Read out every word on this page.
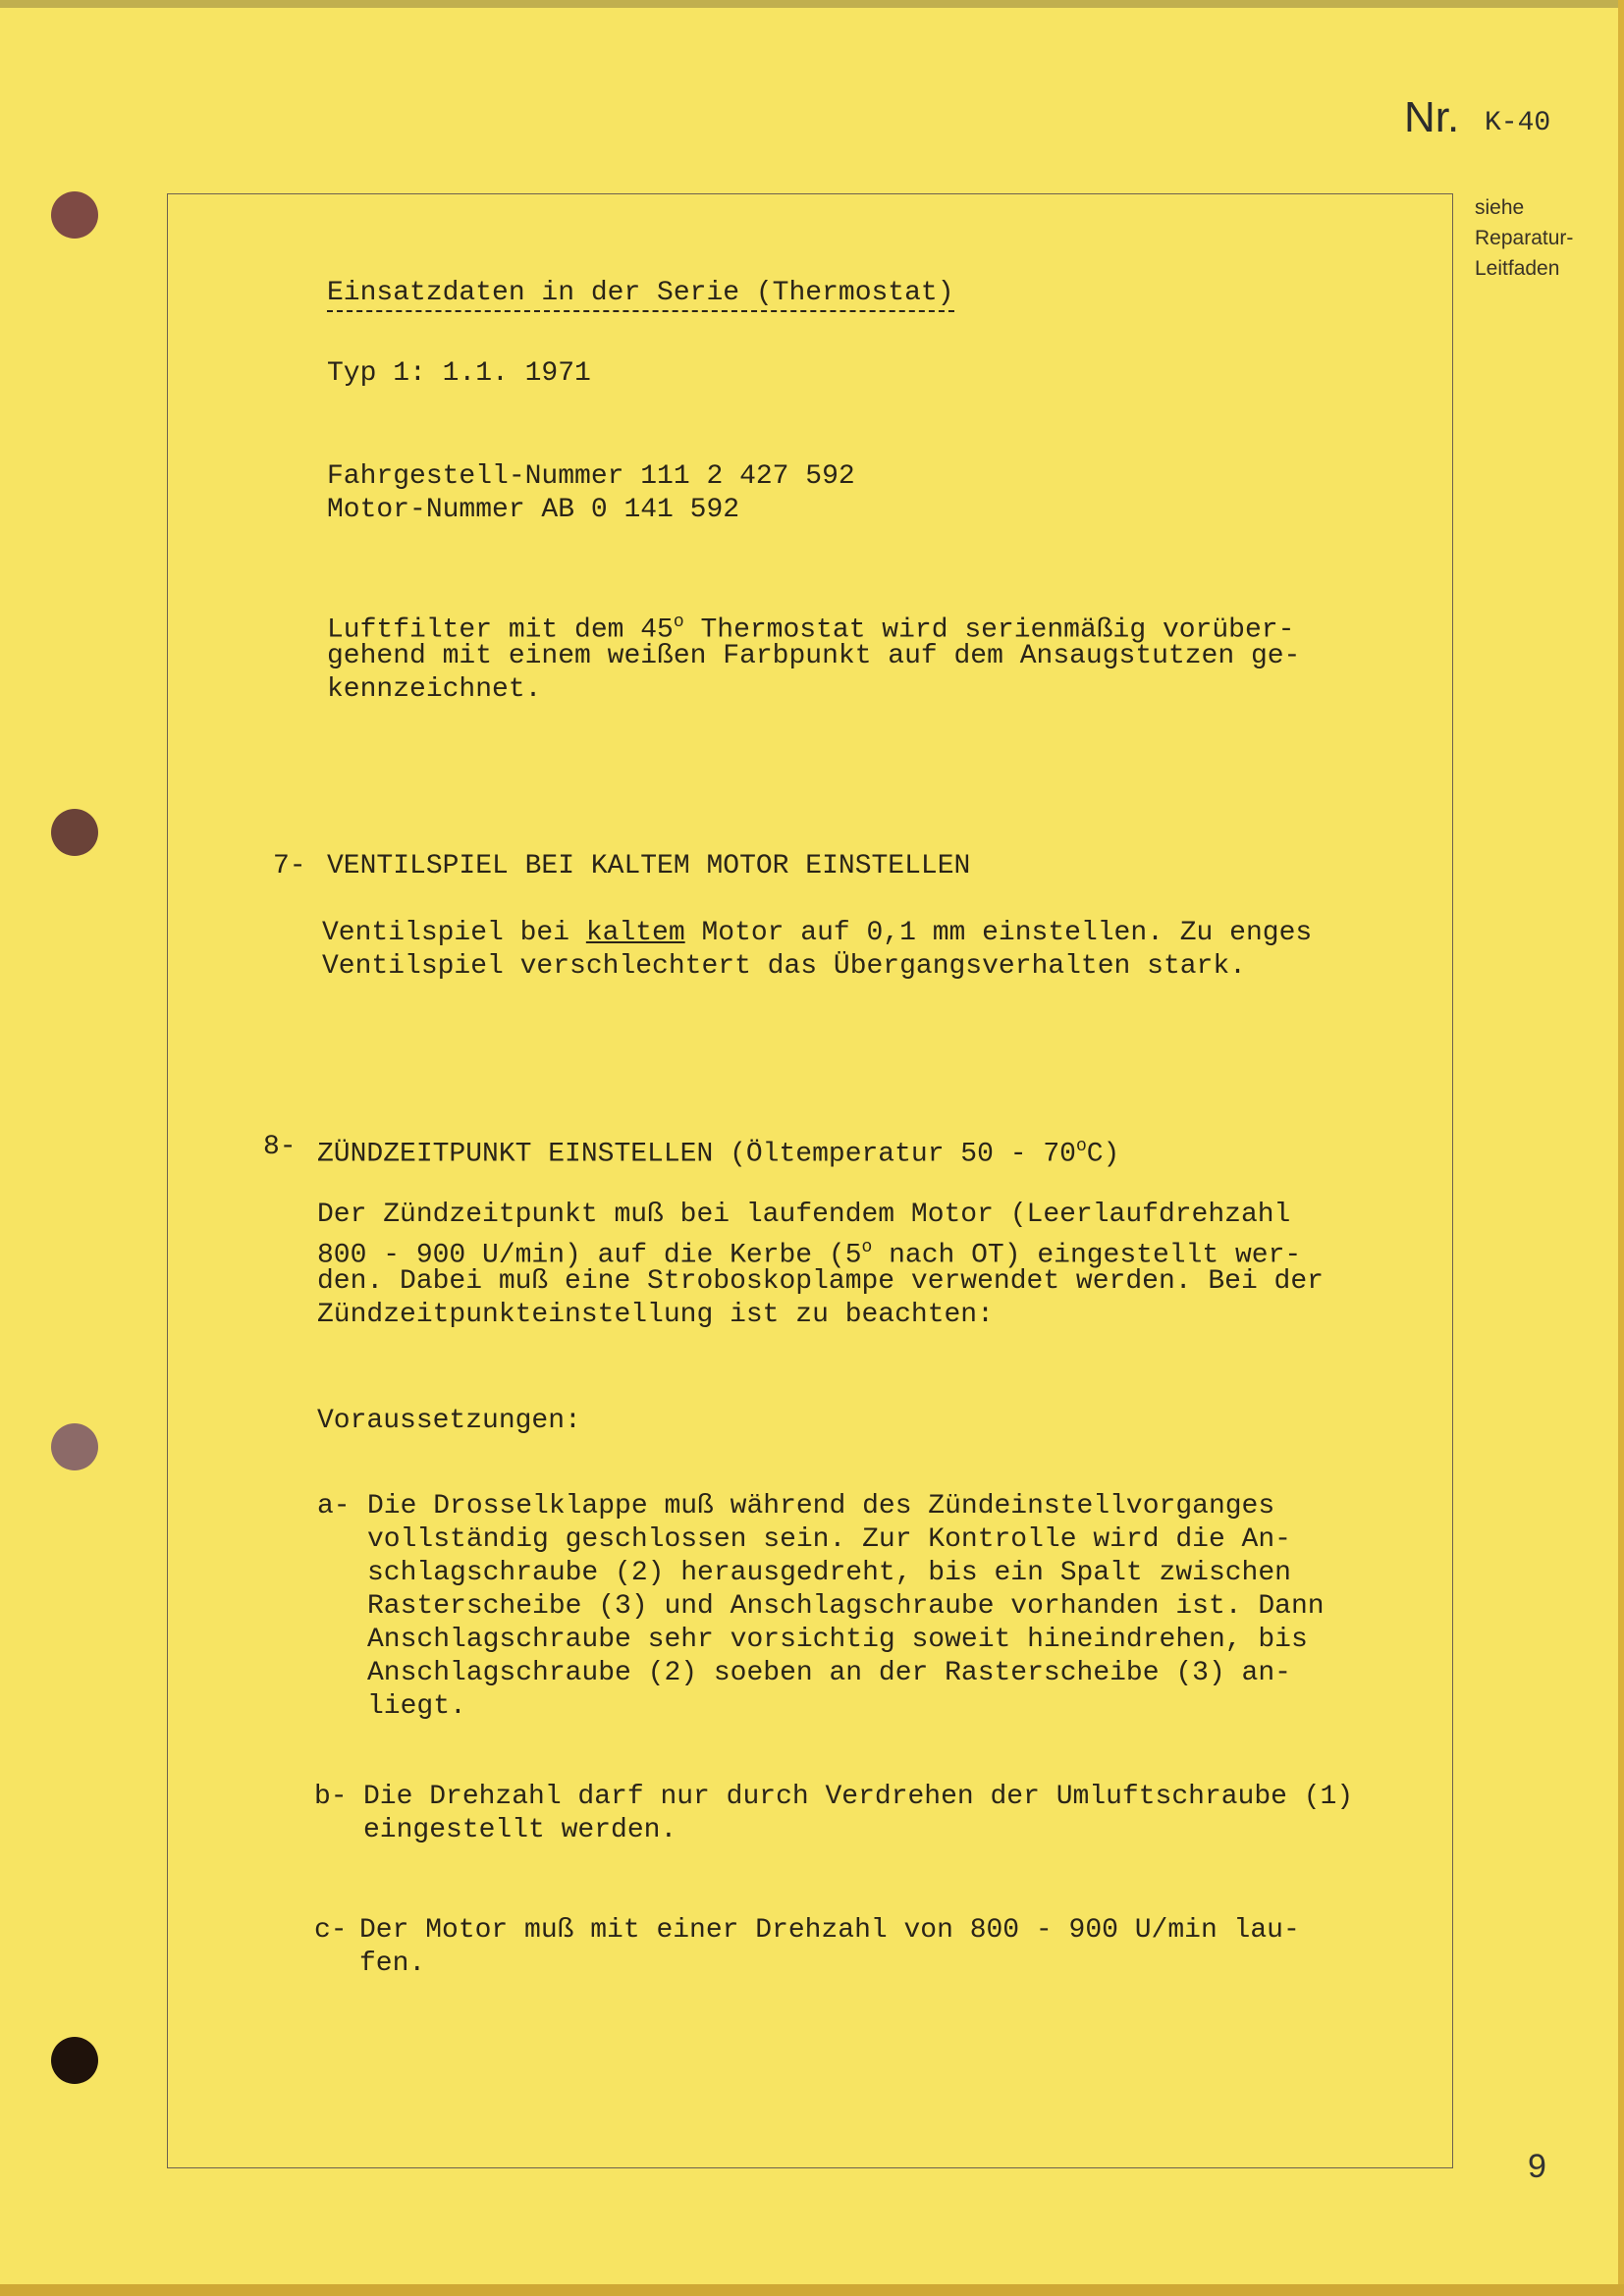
Nr. K-40
siehe
Reparatur-
Leitfaden
Einsatzdaten in der Serie (Thermostat)
Typ 1: 1.1. 1971
Fahrgestell-Nummer 111 2 427 592
Motor-Nummer AB 0 141 592
Luftfilter mit dem 45$^o$ Thermostat wird serienmäßig vorüber-
gehend mit einem weißen Farbpunkt auf dem Ansaugstutzen ge-
kennzeichnet.
7- VENTILSPIEL BEI KALTEM MOTOR EINSTELLEN
Ventilspiel bei kaltem Motor auf 0,1 mm einstellen. Zu enges
Ventilspiel verschlechtert das Übergangsverhalten stark.
8- ZÜNDZEITPUNKT EINSTELLEN (Öltemperatur 50 - 70$^o$C)
Der Zündzeitpunkt muß bei laufendem Motor (Leerlaufdrehzahl
800 - 900 U/min) auf die Kerbe (5$^o$ nach OT) eingestellt wer-
den. Dabei muß eine Stroboskoplampe verwendet werden. Bei der
Zündzeitpunkteinstellung ist zu beachten:
Voraussetzungen:
a- Die Drosselklappe muß während des Zündeinstellvorganges
vollständig geschlossen sein. Zur Kontrolle wird die An-
schlagschraube (2) herausgedreht, bis ein Spalt zwischen
Rasterscheibe (3) und Anschlagschraube vorhanden ist. Dann
Anschlagschraube sehr vorsichtig soweit hineindrehen, bis
Anschlagschraube (2) soeben an der Rasterscheibe (3) an-
liegt.
b- Die Drehzahl darf nur durch Verdrehen der Umluftschraube (1)
eingestellt werden.
c- Der Motor muß mit einer Drehzahl von 800 - 900 U/min lau-
fen.
9
